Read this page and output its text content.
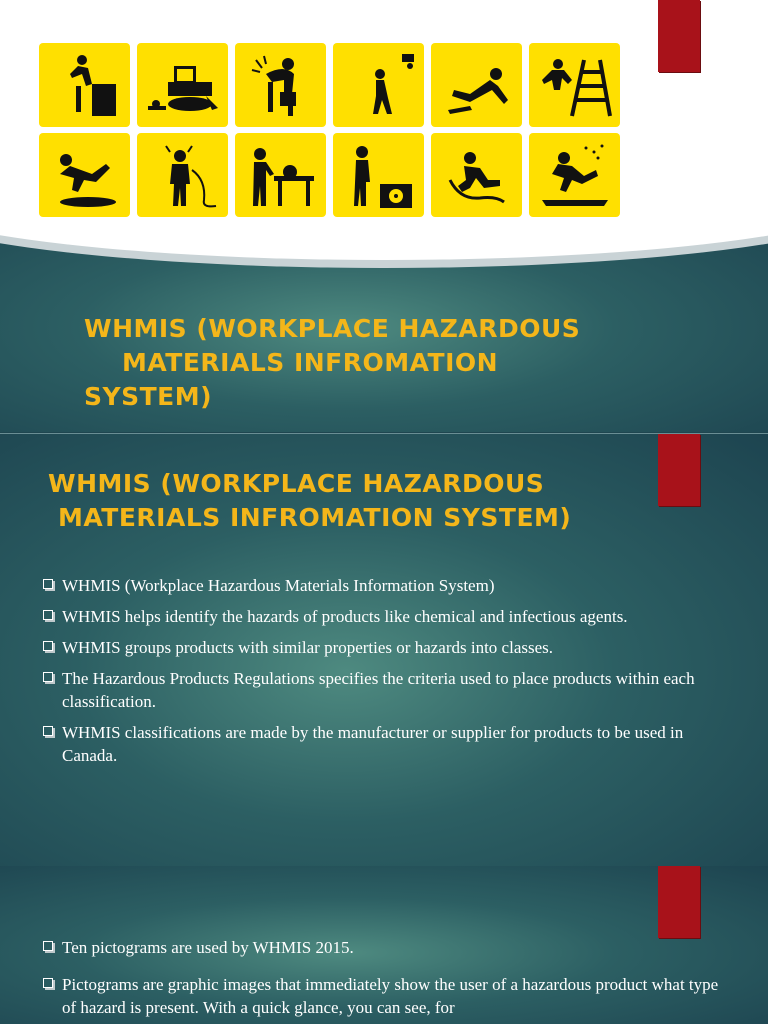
WHMIS (WORKPLACE HAZARDOUS
MATERIALS INFROMATION
SYSTEM)
WHMIS (WORKPLACE HAZARDOUS
MATERIALS INFROMATION SYSTEM)
WHMIS (Workplace Hazardous Materials Information System)
WHMIS helps identify the hazards of products like chemical and infectious agents.
WHMIS groups products with similar properties or hazards into classes.
The Hazardous Products Regulations specifies the criteria used to place products within each classification.
WHMIS classifications are made by the manufacturer or supplier for products to be used in Canada.
Ten pictograms are used by WHMIS 2015.
Pictograms are graphic images that immediately show the user of a hazardous product what type of hazard is present. With a quick glance, you can see, for
